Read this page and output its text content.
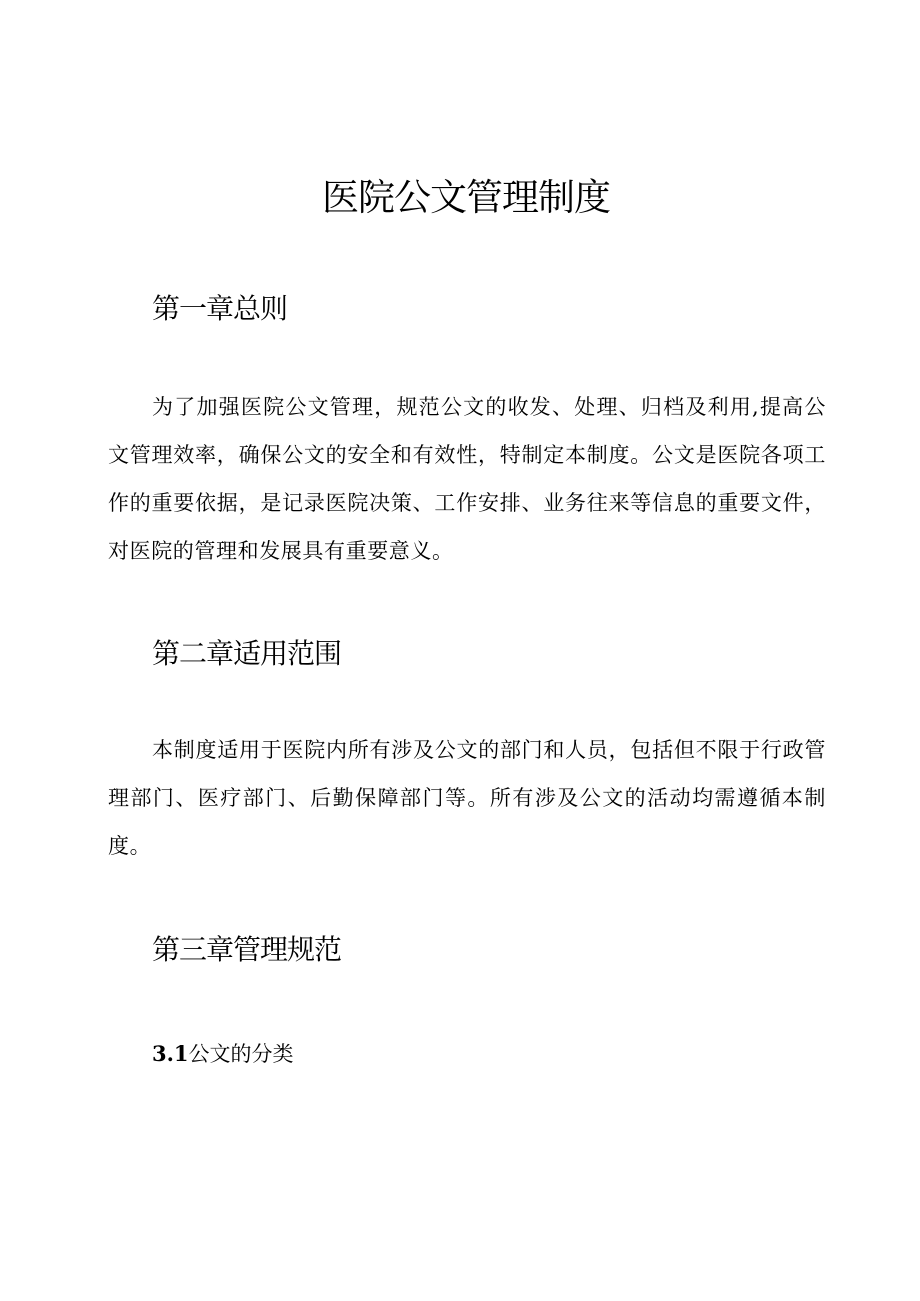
医院公文管理制度
第一章总则

为了加强医院公文管理，规范公文的收发、处理、归档及利用,提高公文管理效率，确保公文的安全和有效性，特制定本制度。公文是医院各项工作的重要依据，是记录医院决策、工作安排、业务往来等信息的重要文件，对医院的管理和发展具有重要意义。

第二章适用范围

本制度适用于医院内所有涉及公文的部门和人员，包括但不限于行政管理部门、医疗部门、后勤保障部门等。所有涉及公文的活动均需遵循本制度。

第三章管理规范
3.1公文的分类
